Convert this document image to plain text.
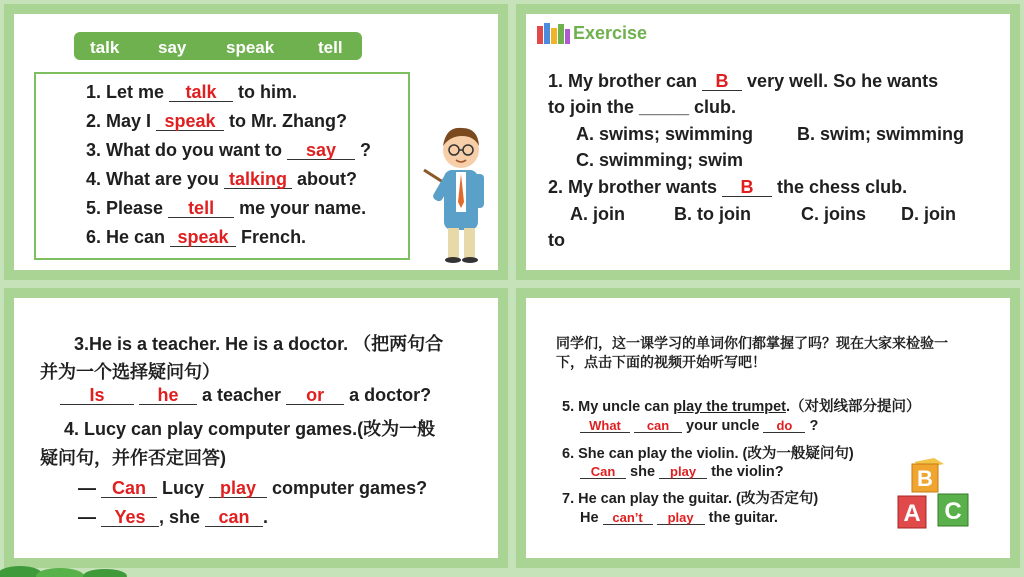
talk say speak	tell
1. Let me talk to him.
2. May I speak to Mr. Zhang?
3. What do you want to say ?
4. What are you talking about?
5. Please tell me your name.
6. He can speak French.
Exercise
1. My brother can B very well. So he wants
to join the _____ club.
A. swims; swimming B. swim; swimming
C. swimming; swim
2. My brother wants B the chess club.
A. join	B. to join	C. joins D. join
to
3.He is a teacher. He is a doctor. （把两句合
并为一个选择疑问句）
Is	he a teacher or a doctor?
4. Lucy can play computer games.(改为一般
疑问句，并作否定回答)
— Can Lucy play computer games?
— Yes , she can .
同学们，这一课学习的单词你们都掌握了吗？现在大家来检验一
下，点击下面的视频开始听写吧！
5. My uncle can play the trumpet.（对划线部分提问）
What can your uncle do ?
6. She can play the violin. (改为一般疑问句)
Can she play the violin?
7. He can play the guitar. (改为否定句)
He can’t play the guitar.
B
A C
